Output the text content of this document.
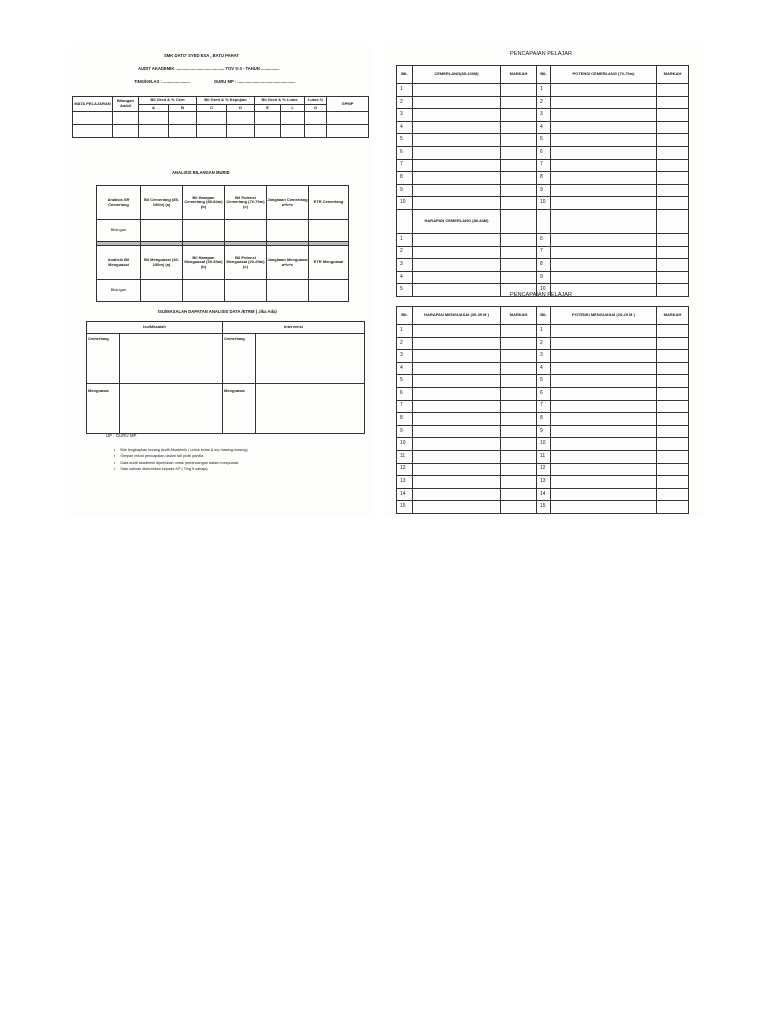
SMK DATO' SYED ESA , BATU PAHAT
AUDIT AKADEMIK .......................................... TOV S-3 - TAHUN ................
TING/KELAS : .......................	GURU MP : ..................................................
MATA PELAJARAN	Bilangan Ambil	Bil Gred & % Cem		Bil Gred & % Kepujian		Bil Gred & % Lulus		Lulus %	GPMP
		A	B	C	D	E	L	G	

ANALISIS BILANGAN MURID
Analisis SR Cemerlang	Bil Cemerlang (85-100m) (a)	Bil Harapan Cemerlang (80-84m) (b)	Bil Potensi Cemerlang (70-79m) (c)	Jangkaan Cemerlang a+b+c	ETR Cemerlang
Bilangan					

Analisis Bil Menguasai	Bil Menguasai (40-100m) (a)	Bil Harapan Menguasai (30-39m) (b)	Bil Potensi Menguasai (20-29m) (c)	Jangkaan Menguasai a+b+c	ETR Menguasai
Bilangan					
ISU/MASALAH DAPATAN ANALISIS DATA /ETRM ( Jika Ada)
Isu/Masalah		Intervensi	
Cemerlang		Cemerlang	
Menguasai		Menguasai	
UP : GURU MP
▪ Bila lengkapkan borang Audit Akademik ( untuk kelas & mp masing-masing)
▪ Simpan rekod pencapaian dalam fail profil panitia
▪ Data audit akademik diperlukan untuk perbincangan dalam mesyuarat
▪ Satu salinan diserahkan kepada KP ( Ting 5 sahaja)
PENCAPAIAN PELAJAR
BIL	CEMERLANG(85-100M)	MARKAH	BIL	POTENSI CEMERLANG (70-79m)	MARKAH
1			1		
2			2		
3			3		
4			4		
5			5		
6			6		
7			7		
8			8		
9			9		
10			10		
	HARAPAN CEMERLANG (80-84M)				
1			6		
2			7		
3			8		
4			9		
5			10		
PENCAPAIAN PELAJAR
BIL	HARAPAN MENGUASAI (30-39 M )	MARKAH	BIL	POTENSI MENGUASAI (20-29 M )	MARKAH
1			1		
2			2		
3			3		
4			4		
5			5		
6			6		
7			7		
8			8		
9			9		
10			10		
11			11		
12			12		
13			13		
14			14		
15			15		
